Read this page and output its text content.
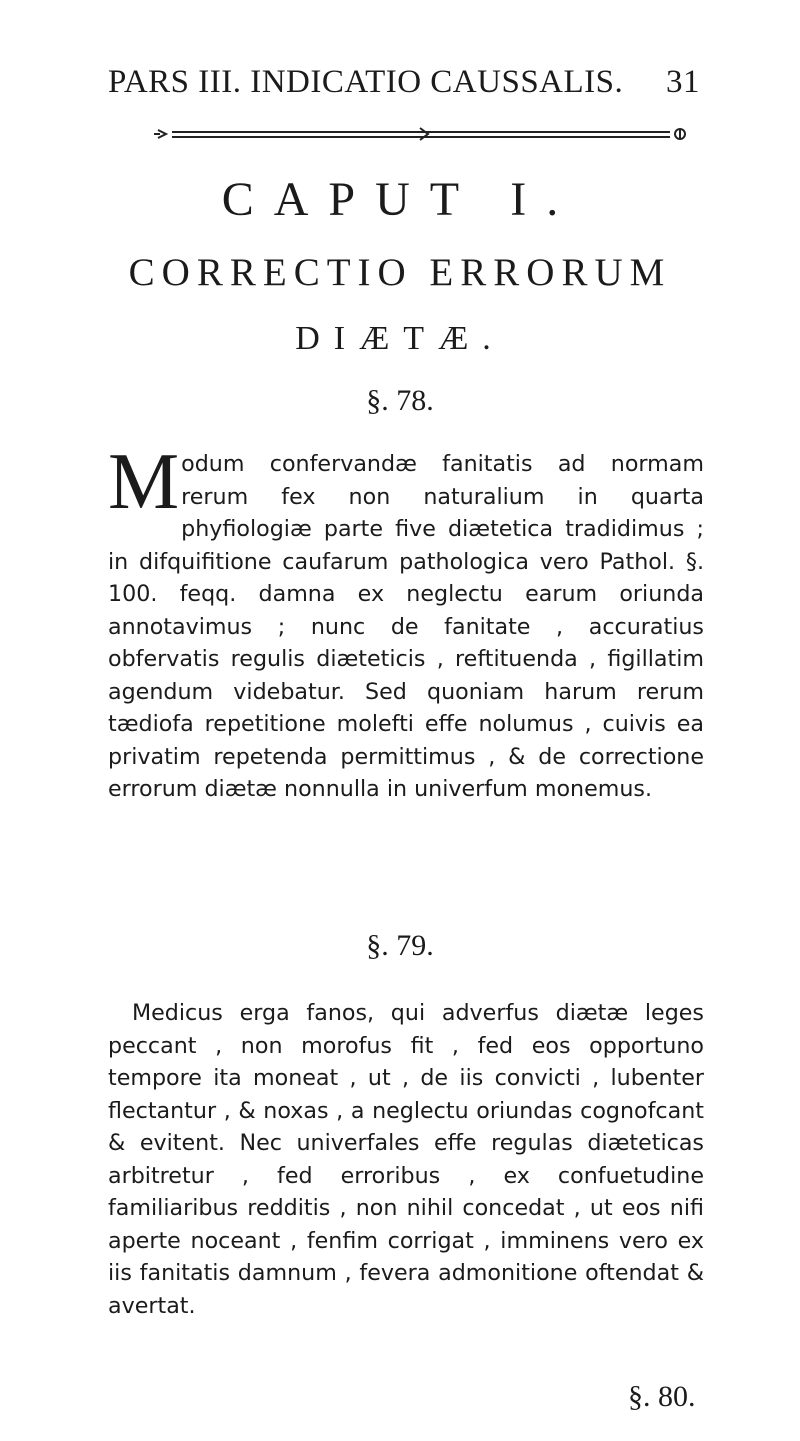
PARS III. INDICATIO CAUSSALIS. 31
CAPUT I.
CORRECTIO ERRORUM
DIÆTÆ.
§. 78.
M odum confervandæ fanitatis ad normam rerum fex non naturalium in quarta phyfiologiæ parte five diætetica tradidimus ; in difquifitione caufarum pathologica vero Pathol. §. 100. feqq. damna ex neglectu earum oriunda annotavimus ; nunc de fanitate , accuratius obfervatis regulis diæteticis , reftituenda , figillatim agendum videbatur. Sed quoniam harum rerum tædiofa repetitione molefti effe nolumus , cuivis ea privatim repetenda permittimus , & de correctione errorum diætæ nonnulla in univerfum monemus.
§. 79.
Medicus erga fanos, qui adverfus diætæ leges peccant , non morofus fit , fed eos opportuno tempore ita moneat , ut , de iis convicti , lubenter flectantur , & noxas , a neglectu oriundas cognofcant & evitent. Nec univerfales effe regulas diæteticas arbitretur , fed erroribus , ex confuetudine familiaribus redditis , non nihil concedat , ut eos nifi aperte noceant , fenfim corrigat , imminens vero ex iis fanitatis damnum , fevera admonitione oftendat & avertat.
§. 80.
